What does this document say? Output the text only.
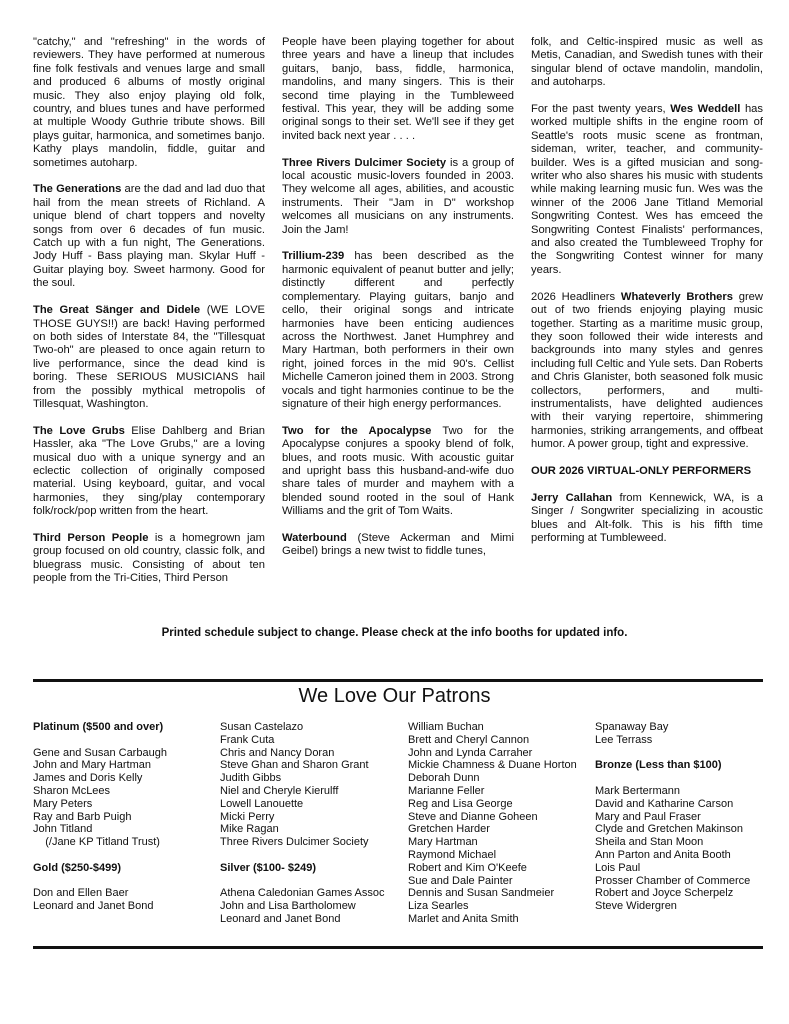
"catchy," and "refreshing" in the words of reviewers. They have performed at numerous fine folk festivals and venues large and small and produced 6 albums of mostly original music. They also enjoy playing old folk, country, and blues tunes and have performed at multiple Woody Guthrie tribute shows. Bill plays guitar, harmonica, and sometimes banjo. Kathy plays mandolin, fiddle, guitar and sometimes autoharp.

The Generations are the dad and lad duo that hail from the mean streets of Richland. A unique blend of chart toppers and novelty songs from over 6 decades of fun music. Catch up with a fun night, The Generations. Jody Huff - Bass playing man. Skylar Huff - Guitar playing boy. Sweet harmony. Good for the soul.

The Great Sänger and Didele (WE LOVE THOSE GUYS!!) are back! Having performed on both sides of Interstate 84, the "Tillesquat Two-oh" are pleased to once again return to live performance, since the dead kind is boring. These SERIOUS MUSICIANS hail from the possibly mythical metropolis of Tillesquat, Washington.

The Love Grubs Elise Dahlberg and Brian Hassler, aka "The Love Grubs," are a loving musical duo with a unique synergy and an eclectic collection of originally composed material. Using keyboard, guitar, and vocal harmonies, they sing/play contemporary folk/rock/pop written from the heart.

Third Person People is a homegrown jam group focused on old country, classic folk, and bluegrass music. Consisting of about ten people from the Tri-Cities, Third Person

People have been playing together for about three years and have a lineup that includes guitars, banjo, bass, fiddle, harmonica, mandolins, and many singers. This is their second time playing in the Tumbleweed festival. This year, they will be adding some original songs to their set. We'll see if they get invited back next year . . . .

Three Rivers Dulcimer Society is a group of local acoustic music-lovers founded in 2003. They welcome all ages, abilities, and acoustic instruments. Their "Jam in D" workshop welcomes all musicians on any instruments. Join the Jam!

Trillium-239 has been described as the harmonic equivalent of peanut butter and jelly; distinctly different and perfectly complementary. Playing guitars, banjo and cello, their original songs and intricate harmonies have been enticing audiences across the Northwest. Janet Humphrey and Mary Hartman, both performers in their own right, joined forces in the mid 90's. Cellist Michelle Cameron joined them in 2003. Strong vocals and tight harmonies continue to be the signature of their high energy performances.

Two for the Apocalypse Two for the Apocalypse conjures a spooky blend of folk, blues, and roots music. With acoustic guitar and upright bass this husband-and-wife duo share tales of murder and mayhem with a blended sound rooted in the soul of Hank Williams and the grit of Tom Waits.

Waterbound (Steve Ackerman and Mimi Geibel) brings a new twist to fiddle tunes,

folk, and Celtic-inspired music as well as Metis, Canadian, and Swedish tunes with their singular blend of octave mandolin, mandolin, and autoharps.

For the past twenty years, Wes Weddell has worked multiple shifts in the engine room of Seattle's roots music scene as frontman, sideman, writer, teacher, and community-builder. Wes is a gifted musician and song-writer who also shares his music with students while making learning music fun. Wes was the winner of the 2006 Jane Titland Memorial Songwriting Contest. Wes has emceed the Songwriting Contest Finalists' performances, and also created the Tumbleweed Trophy for the Songwriting Contest winner for many years.

2026 Headliners Whateverly Brothers grew out of two friends enjoying playing music together. Starting as a maritime music group, they soon followed their wide interests and backgrounds into many styles and genres including full Celtic and Yule sets. Dan Roberts and Chris Glanister, both seasoned folk music collectors, performers, and multi-instrumentalists, have delighted audiences with their varying repertoire, shimmering harmonies, striking arrangements, and offbeat humor. A power group, tight and expressive.

OUR 2026 VIRTUAL-ONLY PERFORMERS

Jerry Callahan from Kennewick, WA, is a Singer / Songwriter specializing in acoustic blues and Alt-folk. This is his fifth time performing at Tumbleweed.

Printed schedule subject to change. Please check at the info booths for updated info.
We Love Our Patrons
Platinum ($500 and over)
Gene and Susan Carbaugh
John and Mary Hartman
James and Doris Kelly
Sharon McLees
Mary Peters
Ray and Barb Puigh
John Titland
(/Jane KP Titland Trust)
Gold ($250-$499)
Don and Ellen Baer
Leonard and Janet Bond
Susan Castelazo
Frank Cuta
Chris and Nancy Doran
Steve Ghan and Sharon Grant
Judith Gibbs
Niel and Cheryle Kierulff
Lowell Lanouette
Micki Perry
Mike Ragan
Three Rivers Dulcimer Society
Silver ($100- $249)
Athena Caledonian Games Assoc
John and Lisa Bartholomew
Leonard and Janet Bond
William Buchan
Brett and Cheryl Cannon
John and Lynda Carraher
Mickie Chamness & Duane Horton
Deborah Dunn
Marianne Feller
Reg and Lisa George
Steve and Dianne Goheen
Gretchen Harder
Mary Hartman
Raymond Michael
Robert and Kim O'Keefe
Sue and Dale Painter
Dennis and Susan Sandmeier
Liza Searles
Marlet and Anita Smith
Spanaway Bay
Lee Terrass
Bronze (Less than $100)
Mark Bertermann
David and Katharine Carson
Mary and Paul Fraser
Clyde and Gretchen Makinson
Sheila and Stan Moon
Ann Parton and Anita Booth
Lois Paul
Prosser Chamber of Commerce
Robert and Joyce Scherpelz
Steve Widergren
